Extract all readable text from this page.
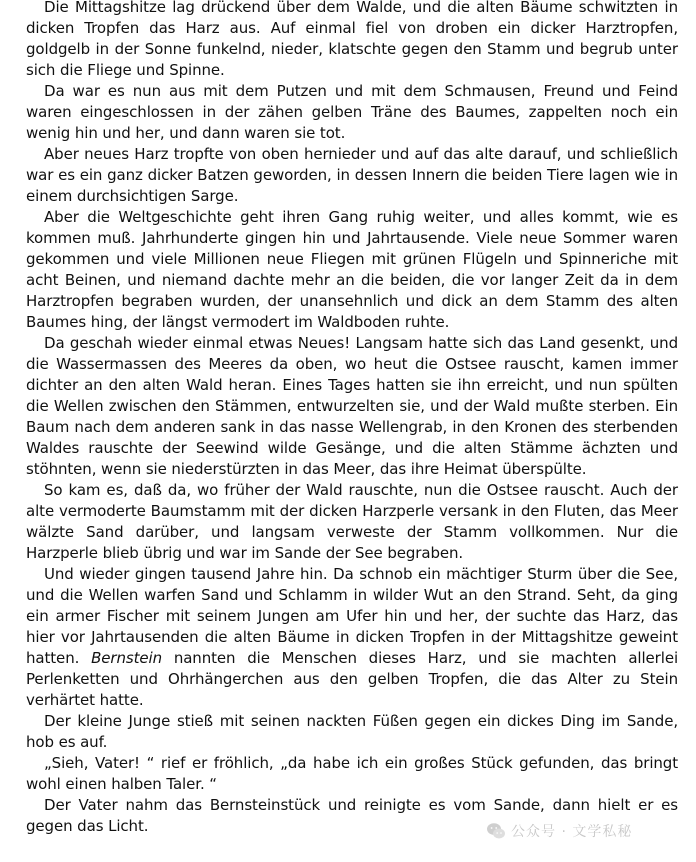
Die Mittagshitze lag drückend über dem Walde, und die alten Bäume schwitzten in dicken Tropfen das Harz aus. Auf einmal fiel von droben ein dicker Harztropfen, goldgelb in der Sonne funkelnd, nieder, klatschte gegen den Stamm und begrub unter sich die Fliege und Spinne.

Da war es nun aus mit dem Putzen und mit dem Schmausen, Freund und Feind waren eingeschlossen in der zähen gelben Träne des Baumes, zappelten noch ein wenig hin und her, und dann waren sie tot.

Aber neues Harz tropfte von oben hernieder und auf das alte darauf, und schließlich war es ein ganz dicker Batzen geworden, in dessen Innern die beiden Tiere lagen wie in einem durchsichtigen Sarge.

Aber die Weltgeschichte geht ihren Gang ruhig weiter, und alles kommt, wie es kommen muß. Jahrhunderte gingen hin und Jahrtausende. Viele neue Sommer waren gekommen und viele Millionen neue Fliegen mit grünen Flügeln und Spinneriche mit acht Beinen, und niemand dachte mehr an die beiden, die vor langer Zeit da in dem Harztropfen begraben wurden, der unansehnlich und dick an dem Stamm des alten Baumes hing, der längst vermodert im Waldboden ruhte.

Da geschah wieder einmal etwas Neues! Langsam hatte sich das Land gesenkt, und die Wassermassen des Meeres da oben, wo heut die Ostsee rauscht, kamen immer dichter an den alten Wald heran. Eines Tages hatten sie ihn erreicht, und nun spülten die Wellen zwischen den Stämmen, entwurzelten sie, und der Wald mußte sterben. Ein Baum nach dem anderen sank in das nasse Wellengrab, in den Kronen des sterbenden Waldes rauschte der Seewind wilde Gesänge, und die alten Stämme ächzten und stöhnten, wenn sie niederstürzten in das Meer, das ihre Heimat überspülte.

So kam es, daß da, wo früher der Wald rauschte, nun die Ostsee rauscht. Auch der alte vermoderte Baumstamm mit der dicken Harzperle versank in den Fluten, das Meer wälzte Sand darüber, und langsam verweste der Stamm vollkommen. Nur die Harzperle blieb übrig und war im Sande der See begraben.

Und wieder gingen tausend Jahre hin. Da schnob ein mächtiger Sturm über die See, und die Wellen warfen Sand und Schlamm in wilder Wut an den Strand. Seht, da ging ein armer Fischer mit seinem Jungen am Ufer hin und her, der suchte das Harz, das hier vor Jahrtausenden die alten Bäume in dicken Tropfen in der Mittagshitze geweint hatten. Bernstein nannten die Menschen dieses Harz, und sie machten allerlei Perlenketten und Ohrhängerchen aus den gelben Tropfen, die das Alter zu Stein verhärtet hatte.

Der kleine Junge stieß mit seinen nackten Füßen gegen ein dickes Ding im Sande, hob es auf.

„Sieh, Vater! “ rief er fröhlich, „da habe ich ein großes Stück gefunden, das bringt wohl einen halben Taler. “

Der Vater nahm das Bernsteinstück und reinigte es vom Sande, dann hielt er es gegen das Licht.	公众号 · 文学私秘
